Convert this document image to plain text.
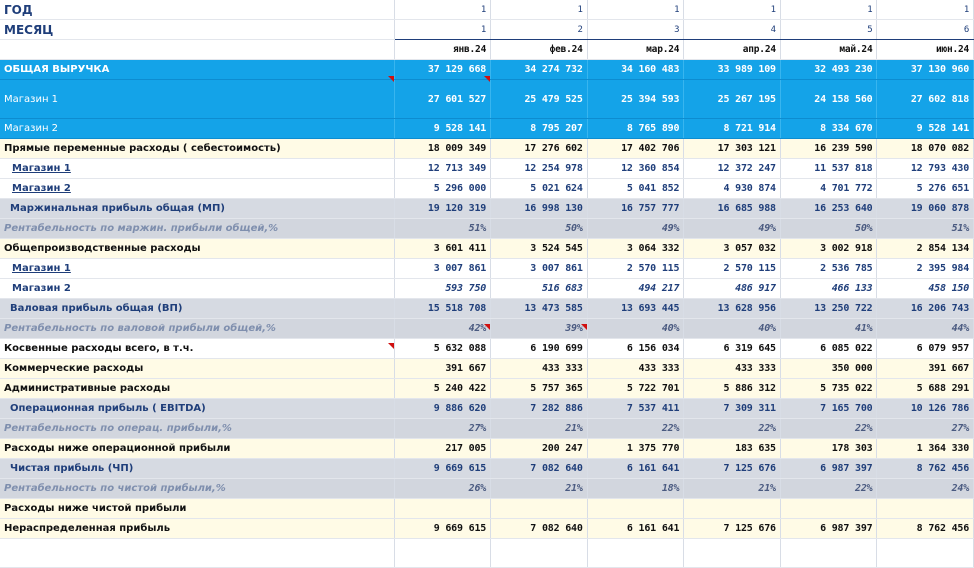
ГОД	1	1	1	1	1	1
МЕСЯЦ	1	2	3	4	5	6
	янв.24	фев.24	мар.24	апр.24	май.24	июн.24
ОБЩАЯ ВЫРУЧКА	37 129 668	34 274 732	34 160 483	33 989 109	32 493 230	37 130 960
Магазин 1	27 601 527	25 479 525	25 394 593	25 267 195	24 158 560	27 602 818
Магазин 2	9 528 141	8 795 207	8 765 890	8 721 914	8 334 670	9 528 141
Прямые переменные расходы ( себестоимость)	18 009 349	17 276 602	17 402 706	17 303 121	16 239 590	18 070 082
Магазин 1	12 713 349	12 254 978	12 360 854	12 372 247	11 537 818	12 793 430
Магазин 2	5 296 000	5 021 624	5 041 852	4 930 874	4 701 772	5 276 651
Маржинальная прибыль общая (МП)	19 120 319	16 998 130	16 757 777	16 685 988	16 253 640	19 060 878
Рентабельность по маржин. прибыли общей,%	51%	50%	49%	49%	50%	51%
Общепроизводственные расходы	3 601 411	3 524 545	3 064 332	3 057 032	3 002 918	2 854 134
Магазин 1	3 007 861	3 007 861	2 570 115	2 570 115	2 536 785	2 395 984
Магазин 2	593 750	516 683	494 217	486 917	466 133	458 150
Валовая прибыль общая (ВП)	15 518 708	13 473 585	13 693 445	13 628 956	13 250 722	16 206 743
Рентабельность по валовой прибыли общей,%	42%	39%	40%	40%	41%	44%
Косвенные расходы всего, в т.ч.	5 632 088	6 190 699	6 156 034	6 319 645	6 085 022	6 079 957
Коммерческие расходы	391 667	433 333	433 333	433 333	350 000	391 667
Административные расходы	5 240 422	5 757 365	5 722 701	5 886 312	5 735 022	5 688 291
Операционная прибыль ( EBITDA)	9 886 620	7 282 886	7 537 411	7 309 311	7 165 700	10 126 786
Рентабельность по операц. прибыли,%	27%	21%	22%	22%	22%	27%
Расходы ниже операционной прибыли	217 005	200 247	1 375 770	183 635	178 303	1 364 330
Чистая прибыль (ЧП)	9 669 615	7 082 640	6 161 641	7 125 676	6 987 397	8 762 456
Рентабельность по чистой прибыли,%	26%	21%	18%	21%	22%	24%
Расходы ниже чистой прибыли						
Нераспределенная прибыль	9 669 615	7 082 640	6 161 641	7 125 676	6 987 397	8 762 456
